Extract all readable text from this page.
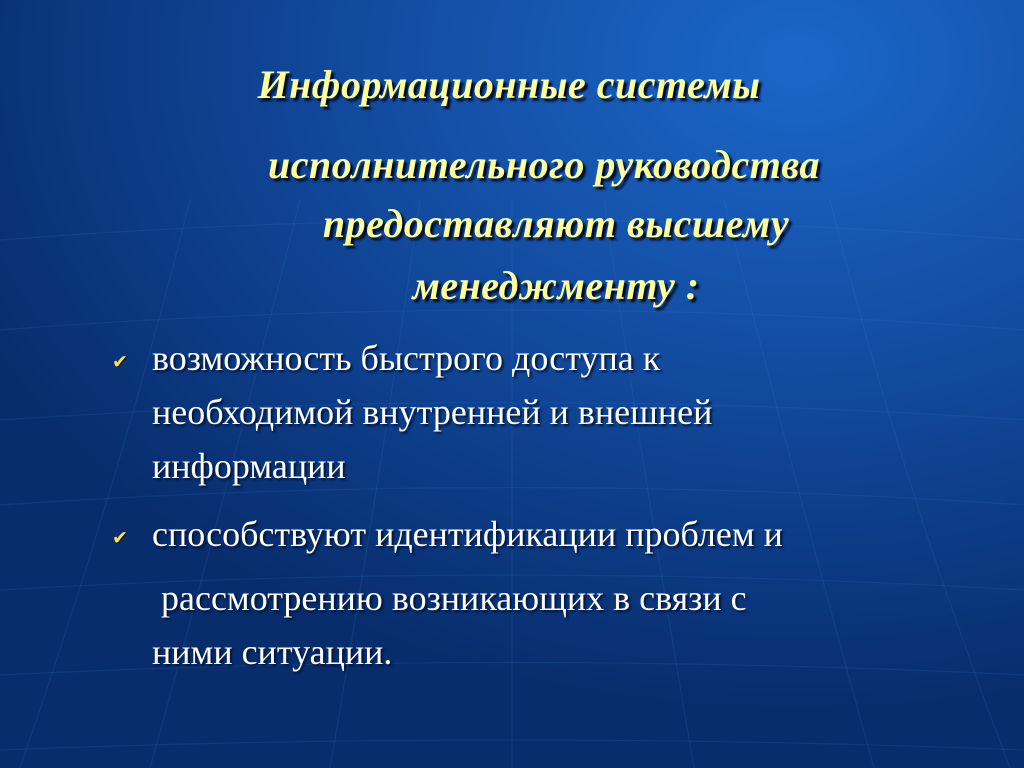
Информационные системы

исполнительного руководства

предоставляют высшему

менеджменту :

✔ возможность быстрого доступа к

необходимой внутренней и внешней

информации

✔ способствуют идентификации проблем и

рассмотрению возникающих в связи с

ними ситуации.
